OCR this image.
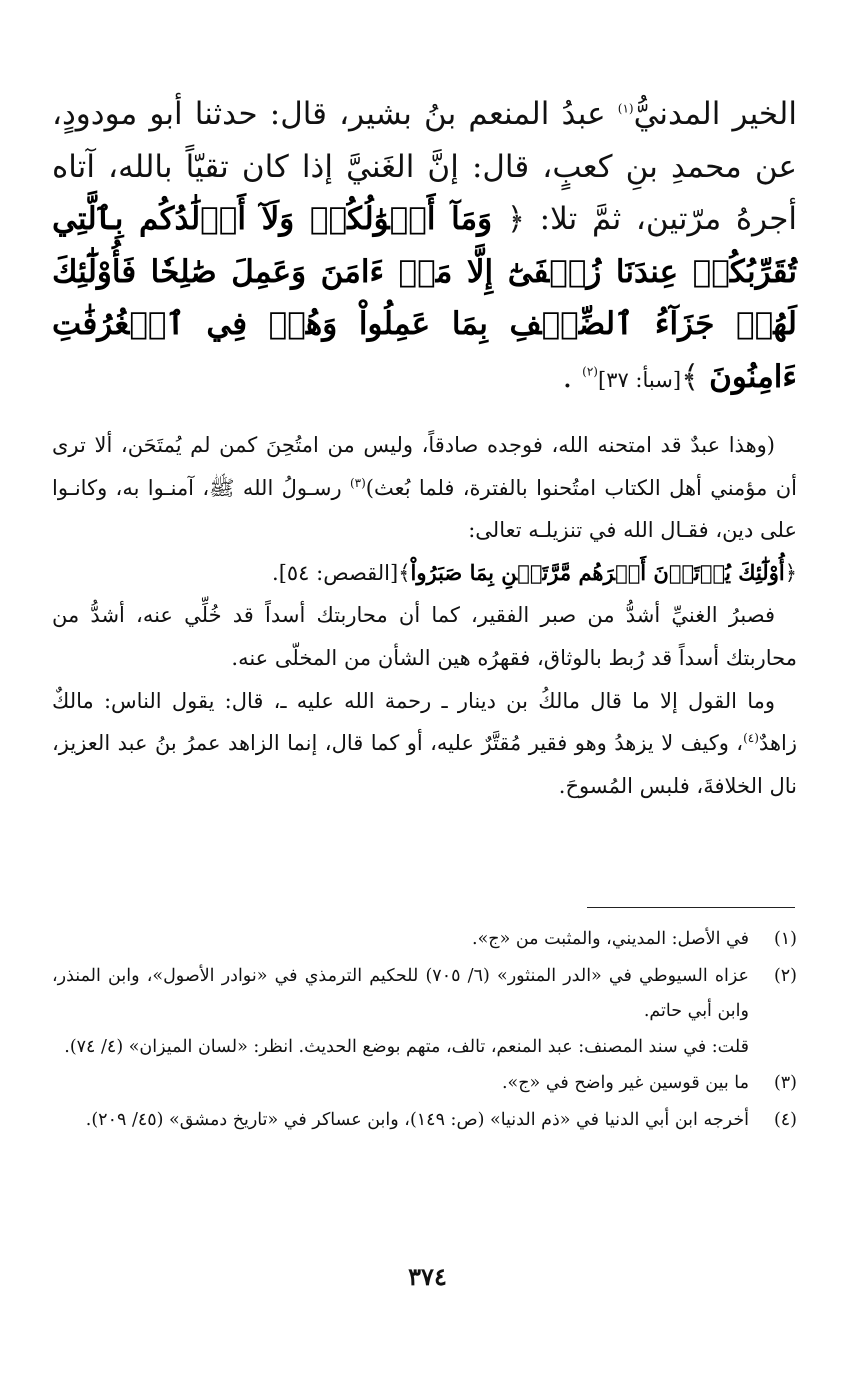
الخير المدنيُّ$^{(١)}$ عبدُ المنعم بنُ بشير، قال: حدثنا أبو مودودٍ، عن محمدِ بنِ كعبٍ، قال: إنَّ الغَنيَّ إذا كان تقيّاً بالله، آتاه أجرهُ مرّتين، ثمَّ تلا: ﴿ وَمَآ أَمۡوَٰلُكُمۡ وَلَآ أَوۡلَٰدُكُم بِٱلَّتِي تُقَرِّبُكُمۡ عِندَنَا زُلۡفَىٰٓ إِلَّا مَنۡ ءَامَنَ وَعَمِلَ صَٰلِحٗا فَأُوْلَٰٓئِكَ لَهُمۡ جَزَآءُ ٱلضِّعۡفِ بِمَا عَمِلُواْ وَهُمۡ فِي ٱلۡغُرُفَٰتِ ءَامِنُونَ ﴾[سبأ: ٣٧]$^{(٢)}$ .

(وهذا عبدٌ قد امتحنه الله، فوجده صادقاً، وليس من امتُحِنَ كمن لم يُمتَحَن، ألا ترى أن مؤمني أهل الكتاب امتُحنوا بالفترة، فلما بُعث)$^{(٣)}$ رسـولُ الله ﷺ، آمنـوا به، وكانـوا على دين، فقـال الله في تنزيلـه تعالى:

﴿أُوْلَٰٓئِكَ يُؤۡتَوۡنَ أَجۡرَهُم مَّرَّتَيۡنِ بِمَا صَبَرُواْ﴾[القصص: ٥٤].

فصبرُ الغنيِّ أشدُّ من صبر الفقير، كما أن محاربتك أسداً قد خُلِّي عنه، أشدُّ من محاربتك أسداً قد رُبط بالوثاق، فقهرُه هين الشأن من المخلّى عنه.

وما القول إلا ما قال مالكُ بن دينار ـ رحمة الله عليه ـ، قال: يقول الناس: مالكٌ زاهدٌ$^{(٤)}$، وكيف لا يزهدُ وهو فقير مُقتَّرٌ عليه، أو كما قال، إنما الزاهد عمرُ بنُ عبد العزيز، نال الخلافةَ، فلبس المُسوحَ.

(١)

في الأصل: المديني، والمثبت من «ج».

(٢)

عزاه السيوطي في «الدر المنثور» (٦/ ٧٠٥) للحكيم الترمذي في «نوادر الأصول»، وابن المنذر، وابن أبي حاتم.

قلت: في سند المصنف: عبد المنعم، تالف، متهم بوضع الحديث. انظر: «لسان الميزان» (٤/ ٧٤).

(٣)

ما بين قوسين غير واضح في «ج».

(٤)

أخرجه ابن أبي الدنيا في «ذم الدنيا» (ص: ١٤٩)، وابن عساكر في «تاريخ دمشق» (٤٥/ ٢٠٩).

٣٧٤
